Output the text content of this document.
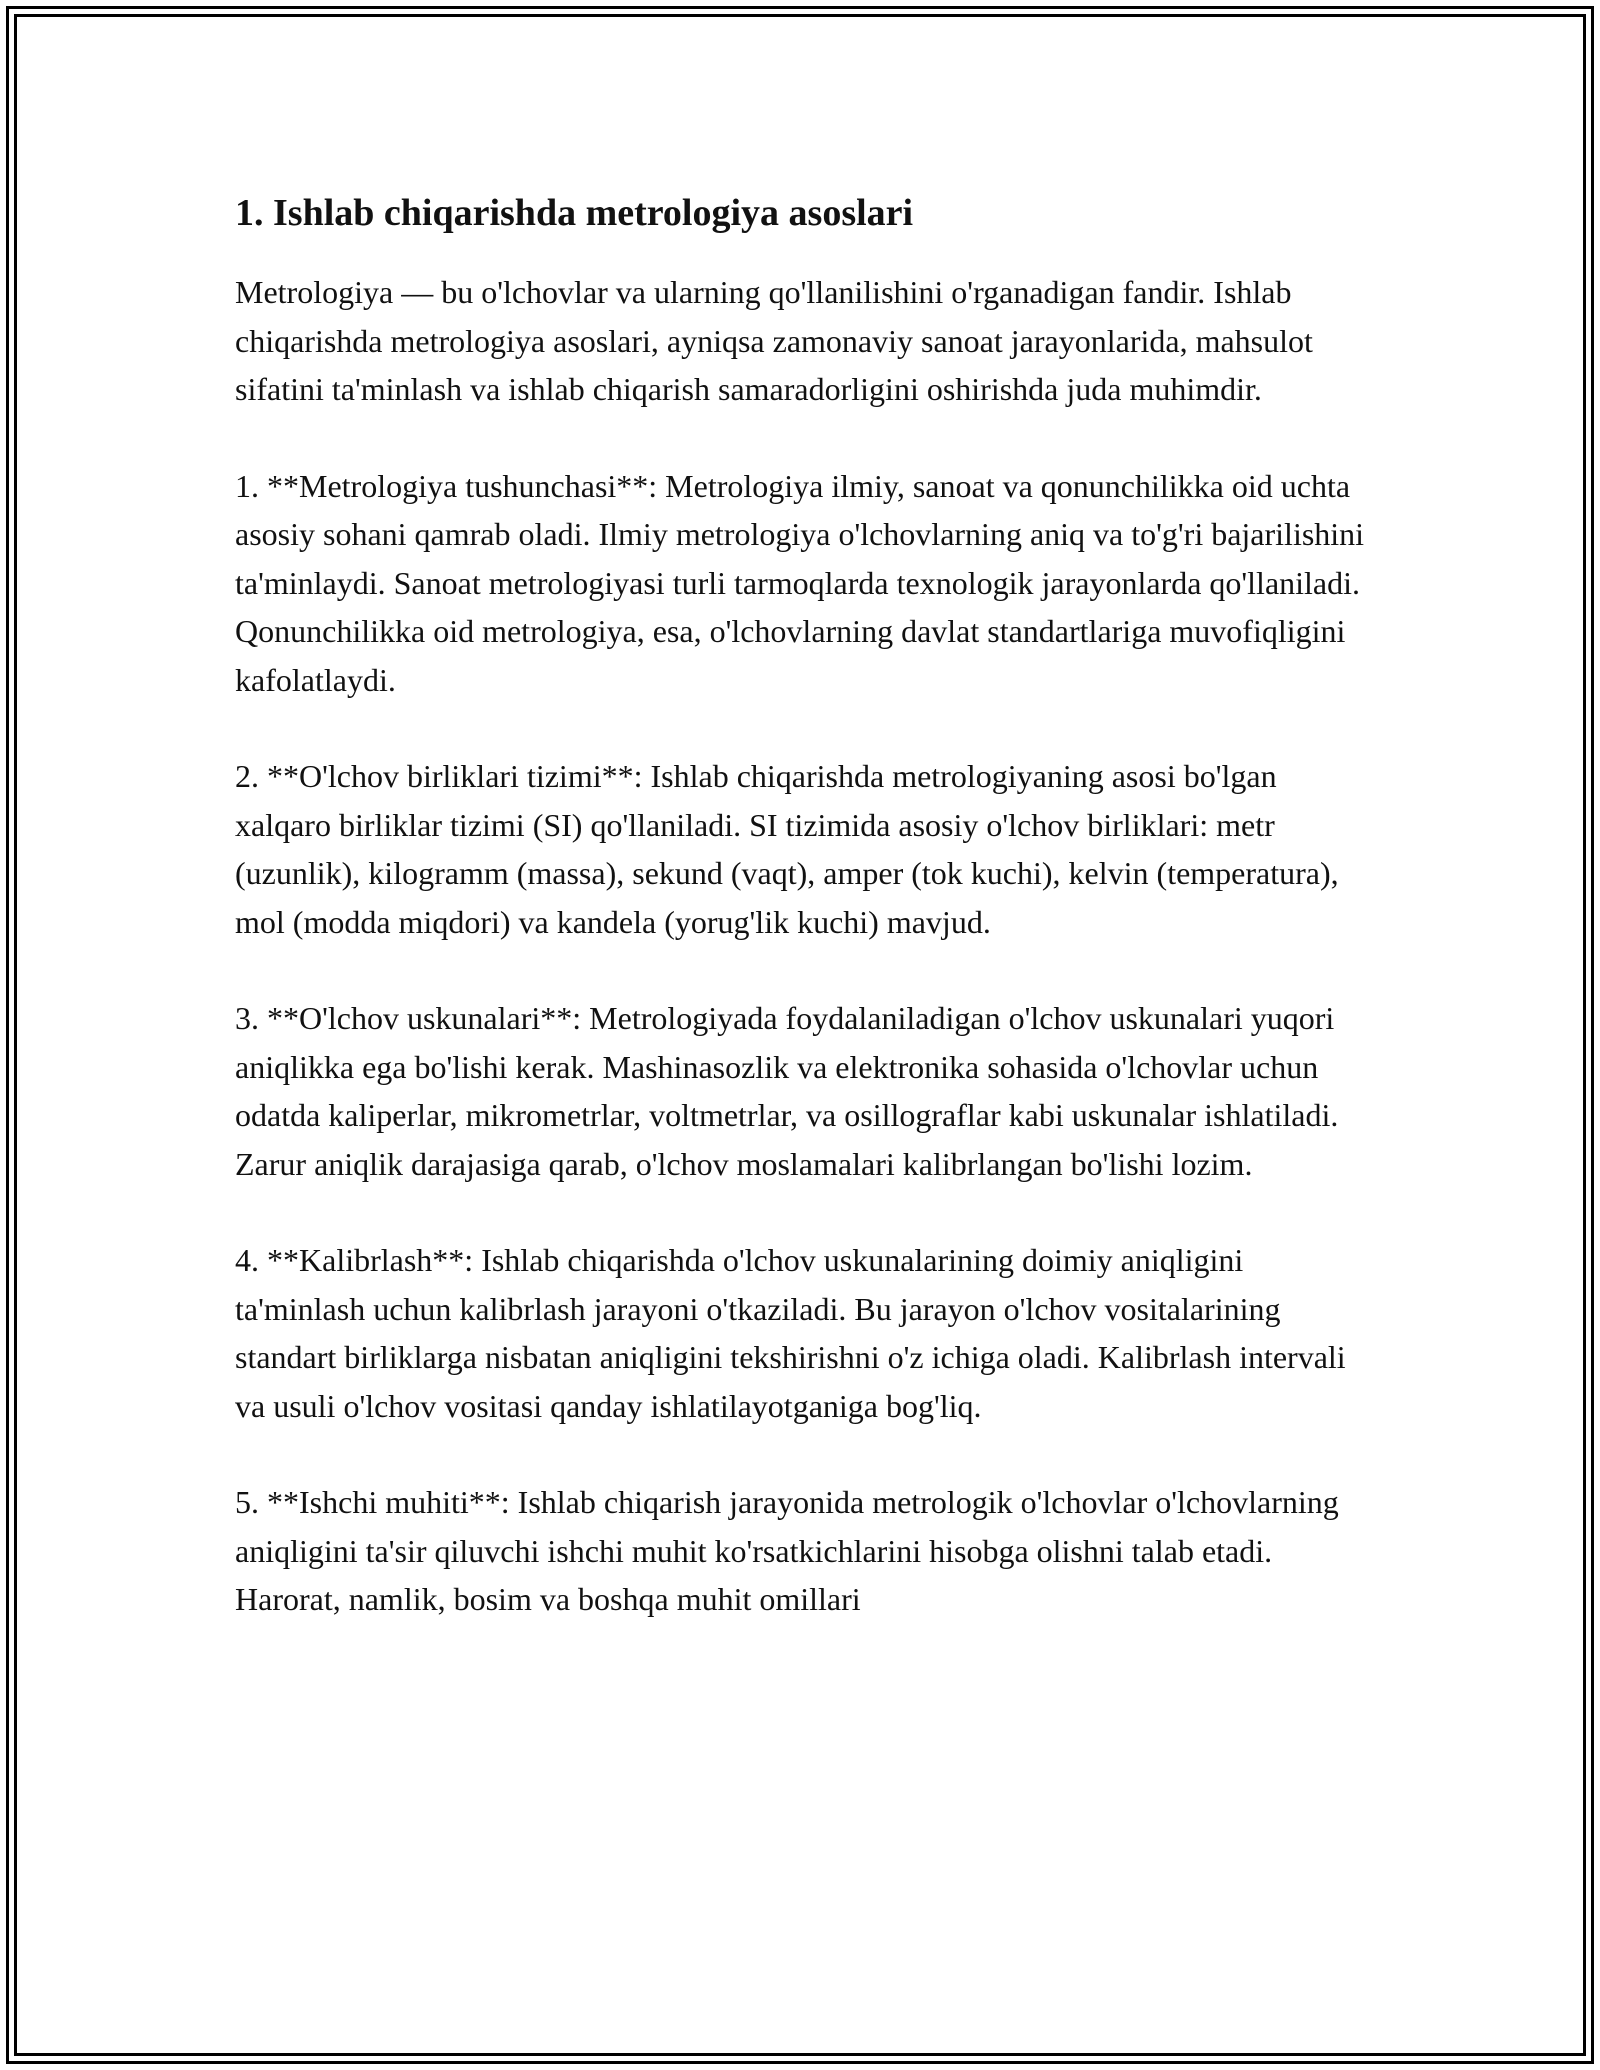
1. Ishlab chiqarishda metrologiya asoslari

Metrologiya — bu o'lchovlar va ularning qo'llanilishini o'rganadigan fandir. Ishlab chiqarishda metrologiya asoslari, ayniqsa zamonaviy sanoat jarayonlarida, mahsulot sifatini ta'minlash va ishlab chiqarish samaradorligini oshirishda juda muhimdir.

1. **Metrologiya tushunchasi**: Metrologiya ilmiy, sanoat va qonunchilikka oid uchta asosiy sohani qamrab oladi. Ilmiy metrologiya o'lchovlarning aniq va to'g'ri bajarilishini ta'minlaydi. Sanoat metrologiyasi turli tarmoqlarda texnologik jarayonlarda qo'llaniladi. Qonunchilikka oid metrologiya, esa, o'lchovlarning davlat standartlariga muvofiqligini kafolatlaydi.

2. **O'lchov birliklari tizimi**: Ishlab chiqarishda metrologiyaning asosi bo'lgan xalqaro birliklar tizimi (SI) qo'llaniladi. SI tizimida asosiy o'lchov birliklari: metr (uzunlik), kilogramm (massa), sekund (vaqt), amper (tok kuchi), kelvin (temperatura), mol (modda miqdori) va kandela (yorug'lik kuchi) mavjud.

3. **O'lchov uskunalari**: Metrologiyada foydalaniladigan o'lchov uskunalari yuqori aniqlikka ega bo'lishi kerak. Mashinasozlik va elektronika sohasida o'lchovlar uchun odatda kaliperlar, mikrometrlar, voltmetrlar, va osillograflar kabi uskunalar ishlatiladi. Zarur aniqlik darajasiga qarab, o'lchov moslamalari kalibrlangan bo'lishi lozim.

4. **Kalibrlash**: Ishlab chiqarishda o'lchov uskunalarining doimiy aniqligini ta'minlash uchun kalibrlash jarayoni o'tkaziladi. Bu jarayon o'lchov vositalarining standart birliklarga nisbatan aniqligini tekshirishni o'z ichiga oladi. Kalibrlash intervali va usuli o'lchov vositasi qanday ishlatilayotganiga bog'liq.

5. **Ishchi muhiti**: Ishlab chiqarish jarayonida metrologik o'lchovlar o'lchovlarning aniqligini ta'sir qiluvchi ishchi muhit ko'rsatkichlarini hisobga olishni talab etadi. Harorat, namlik, bosim va boshqa muhit omillari
